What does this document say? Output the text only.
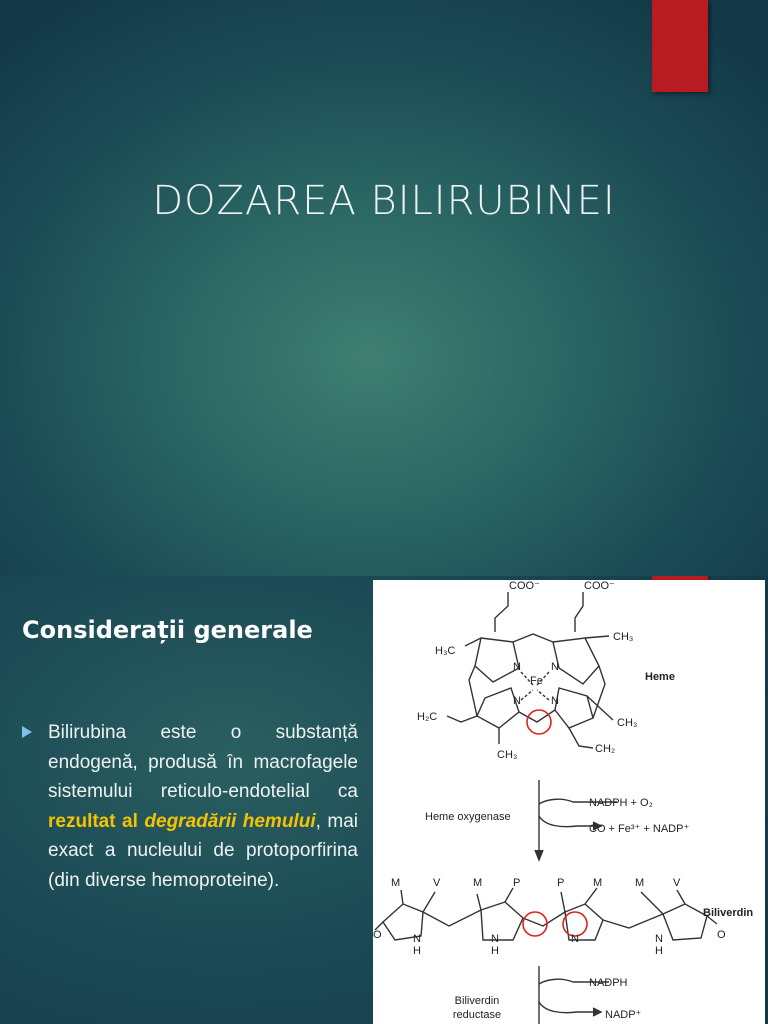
DOZAREA BILIRUBINEI
Considerații generale
Bilirubina este o substanță endogenă, produsă în macrofagele sistemului reticulo-endotelial ca rezultat al degradării hemului, mai exact a nucleului de protoporfirina (din diverse hemoproteine).
COO⁻	COO⁻
H₃C
CH₃
CH₃
CH₃
H₂C
CH₂
Fe
N	N
N	N
Heme
Heme oxygenase
NADPH + O₂
CO + Fe³⁺ + NADP⁺
M	V	M	P	P	M	M	V
O	O
N
H
N
H
N	N
H
Biliverdin
Biliverdin
reductase
NADPH
NADP⁺
